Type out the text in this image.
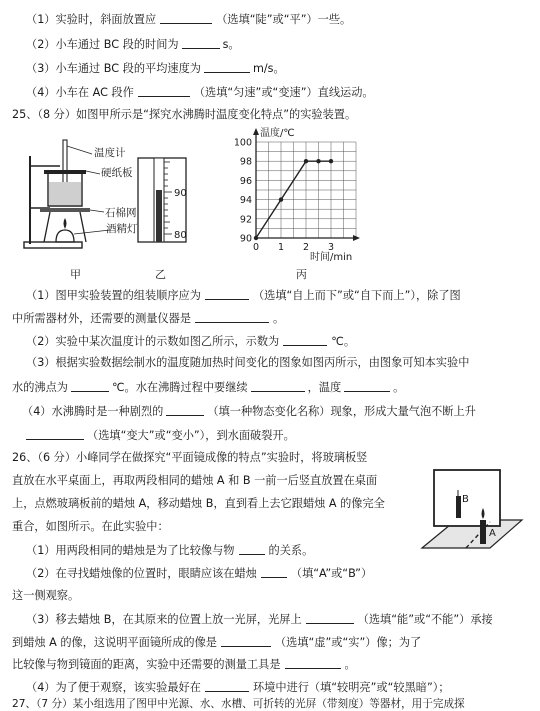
（1）实验时，斜面放置应	（选填“陡”或“平”）一些。
（2）小车通过 BC 段的时间为	s。
（3）小车通过 BC 段的平均速度为	m/s。
（4）小车在 AC 段作	（选填“匀速”或“变速”）直线运动。
25、（8 分）如图甲所示是“探究水沸腾时温度变化特点”的实验装置。
温度计
硬纸板
石棉网
酒精灯
甲
90
80
乙
90
92
94
96
98
100
0 1 2 3
温度/℃
时间/min
丙
（1）图甲实验装置的组装顺序应为	（选填“自上而下”或“自下而上”），除了图
中所需器材外，还需要的测量仪器是	。
（2）实验中某次温度计的示数如图乙所示，示数为	℃。
（3）根据实验数据绘制水的温度随加热时间变化的图象如图丙所示，由图象可知本实验中
水的沸点为	℃。水在沸腾过程中要继续	，温度	。
（4）水沸腾时是一种剧烈的	（填一种物态变化名称）现象，形成大量气泡不断上升
（选填“变大”或“变小”），到水面破裂开。
26、（6 分）小峰同学在做探究“平面镜成像的特点”实验时，将玻璃板竖
直放在水平桌面上，再取两段相同的蜡烛 A 和 B 一前一后竖直放置在桌面
上，点燃玻璃板前的蜡烛 A，移动蜡烛 B，直到看上去它跟蜡烛 A 的像完全
重合，如图所示。在此实验中：
（1）用两段相同的蜡烛是为了比较像与物	的关系。
（2）在寻找蜡烛像的位置时，眼睛应该在蜡烛	（填“A”或“B”）
这一侧观察。
B
A
（3）移去蜡烛 B，在其原来的位置上放一光屏，光屏上	（选填“能”或“不能”）承接
到蜡烛 A 的像，这说明平面镜所成的像是	（选填“虚”或“实”）像；为了
比较像与物到镜面的距离，实验中还需要的测量工具是	。
（4）为了便于观察，该实验最好在	环境中进行（填“较明亮”或“较黑暗”）；
27、（7 分）某小组选用了图甲中光源、水、水槽、可折转的光屏（带刻度）等器材，用于完成探
